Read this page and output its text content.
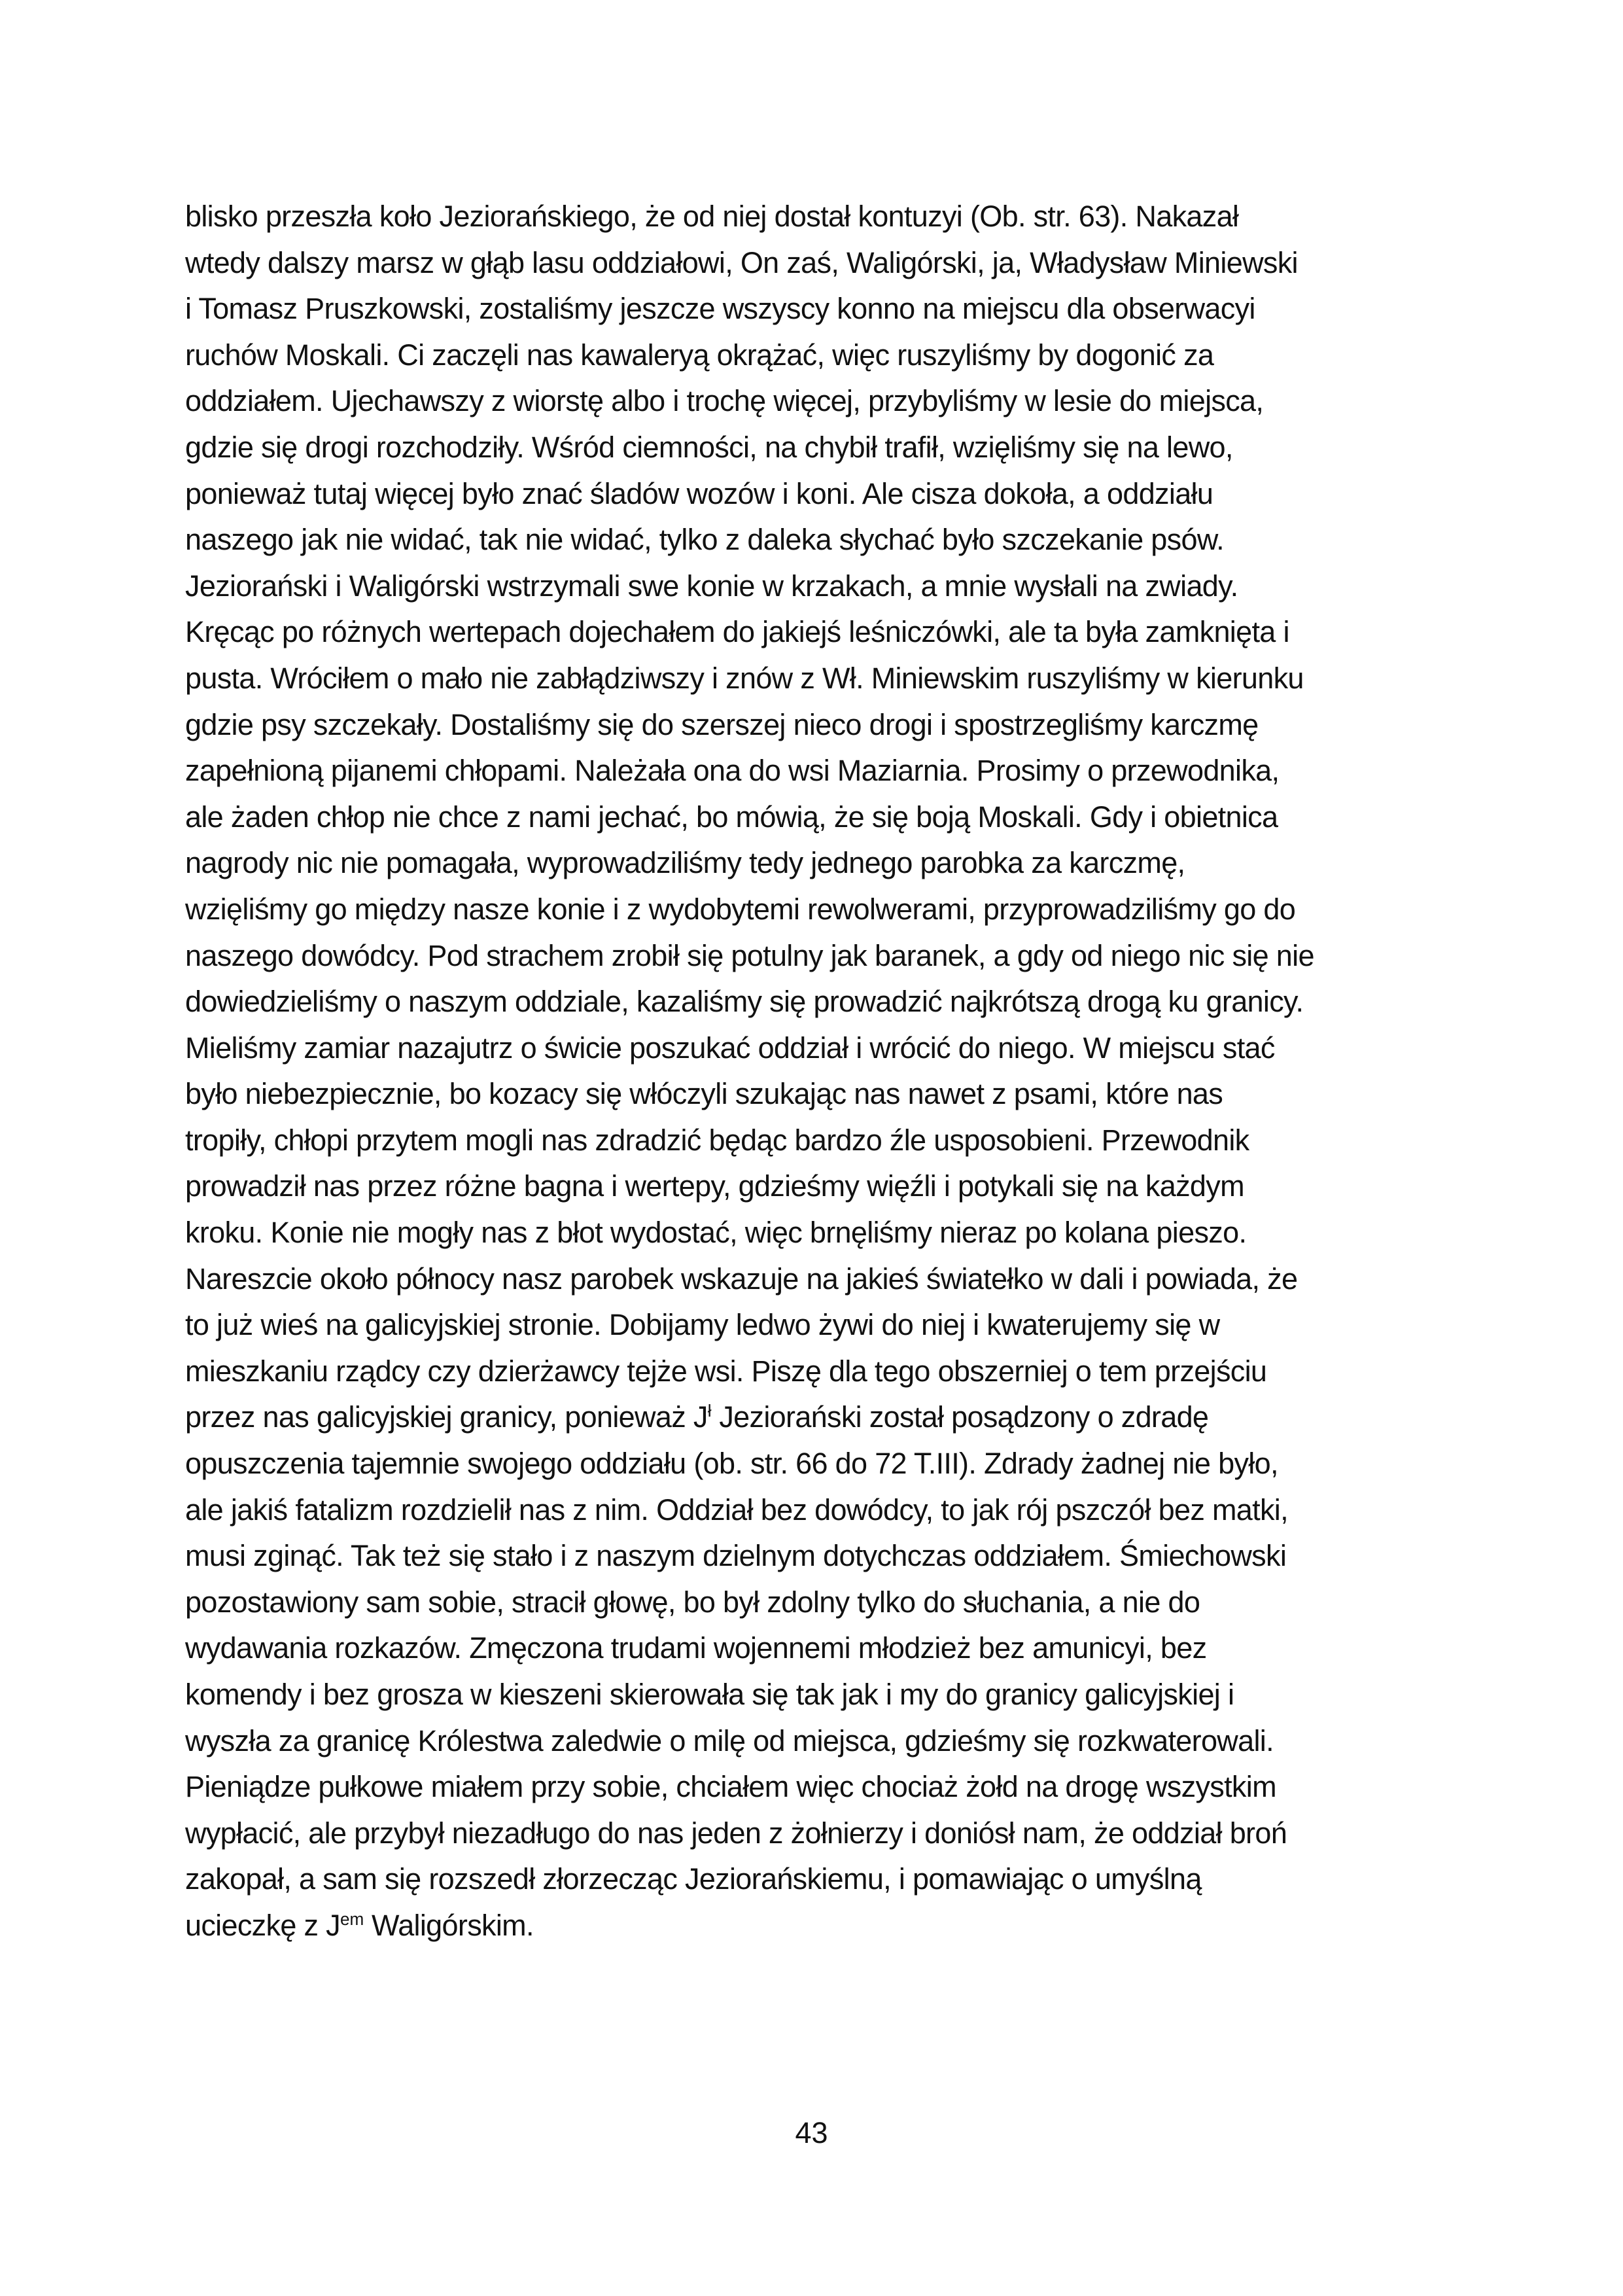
blisko przeszła koło Jeziorańskiego, że od niej dostał kontuzyi (Ob. str. 63). Nakazał
wtedy dalszy marsz w głąb lasu oddziałowi, On zaś, Waligórski, ja, Władysław Miniewski
i Tomasz Pruszkowski, zostaliśmy jeszcze wszyscy konno na miejscu dla obserwacyi
ruchów Moskali. Ci zaczęli nas kawaleryą okrążać, więc ruszyliśmy by dogonić za
oddziałem. Ujechawszy z wiorstę albo i trochę więcej, przybyliśmy w lesie do miejsca,
gdzie się drogi rozchodziły. Wśród ciemności, na chybił trafił, wzięliśmy się na lewo,
ponieważ tutaj więcej było znać śladów wozów i koni. Ale cisza dokoła, a oddziału
naszego jak nie widać, tak nie widać, tylko z daleka słychać było szczekanie psów.
Jeziorański i Waligórski wstrzymali swe konie w krzakach, a mnie wysłali na zwiady.
Kręcąc po różnych wertepach dojechałem do jakiejś leśniczówki, ale ta była zamknięta i
pusta. Wróciłem o mało nie zabłądziwszy i znów z Wł. Miniewskim ruszyliśmy w kierunku
gdzie psy szczekały. Dostaliśmy się do szerszej nieco drogi i spostrzegliśmy karczmę
zapełnioną pijanemi chłopami. Należała ona do wsi Maziarnia. Prosimy o przewodnika,
ale żaden chłop nie chce z nami jechać, bo mówią, że się boją Moskali. Gdy i obietnica
nagrody nic nie pomagała, wyprowadziliśmy tedy jednego parobka za karczmę,
wzięliśmy go między nasze konie i z wydobytemi rewolwerami, przyprowadziliśmy go do
naszego dowódcy. Pod strachem zrobił się potulny jak baranek, a gdy od niego nic się nie
dowiedzieliśmy o naszym oddziale, kazaliśmy się prowadzić najkrótszą drogą ku granicy.
Mieliśmy zamiar nazajutrz o świcie poszukać oddział i wrócić do niego. W miejscu stać
było niebezpiecznie, bo kozacy się włóczyli szukając nas nawet z psami, które nas
tropiły, chłopi przytem mogli nas zdradzić będąc bardzo źle usposobieni. Przewodnik
prowadził nas przez różne bagna i wertepy, gdzieśmy więźli i potykali się na każdym
kroku. Konie nie mogły nas z błot wydostać, więc brnęliśmy nieraz po kolana pieszo.
Nareszcie około północy nasz parobek wskazuje na jakieś światełko w dali i powiada, że
to już wieś na galicyjskiej stronie. Dobijamy ledwo żywi do niej i kwaterujemy się w
mieszkaniu rządcy czy dzierżawcy tejże wsi. Piszę dla tego obszerniej o tem przejściu
przez nas galicyjskiej granicy, ponieważ $J^ł$ Jeziorański został posądzony o zdradę
opuszczenia tajemnie swojego oddziału (ob. str. 66 do 72 T.III). Zdrady żadnej nie było,
ale jakiś fatalizm rozdzielił nas z nim. Oddział bez dowódcy, to jak rój pszczół bez matki,
musi zginąć. Tak też się stało i z naszym dzielnym dotychczas oddziałem. Śmiechowski
pozostawiony sam sobie, stracił głowę, bo był zdolny tylko do słuchania, a nie do
wydawania rozkazów. Zmęczona trudami wojennemi młodzież bez amunicyi, bez
komendy i bez grosza w kieszeni skierowała się tak jak i my do granicy galicyjskiej i
wyszła za granicę Królestwa zaledwie o milę od miejsca, gdzieśmy się rozkwaterowali.
Pieniądze pułkowe miałem przy sobie, chciałem więc chociaż żołd na drogę wszystkim
wypłacić, ale przybył niezadługo do nas jeden z żołnierzy i doniósł nam, że oddział broń
zakopał, a sam się rozszedł złorzecząc Jeziorańskiemu, i pomawiając o umyślną
ucieczkę z $J^{em}$ Waligórskim.
43
